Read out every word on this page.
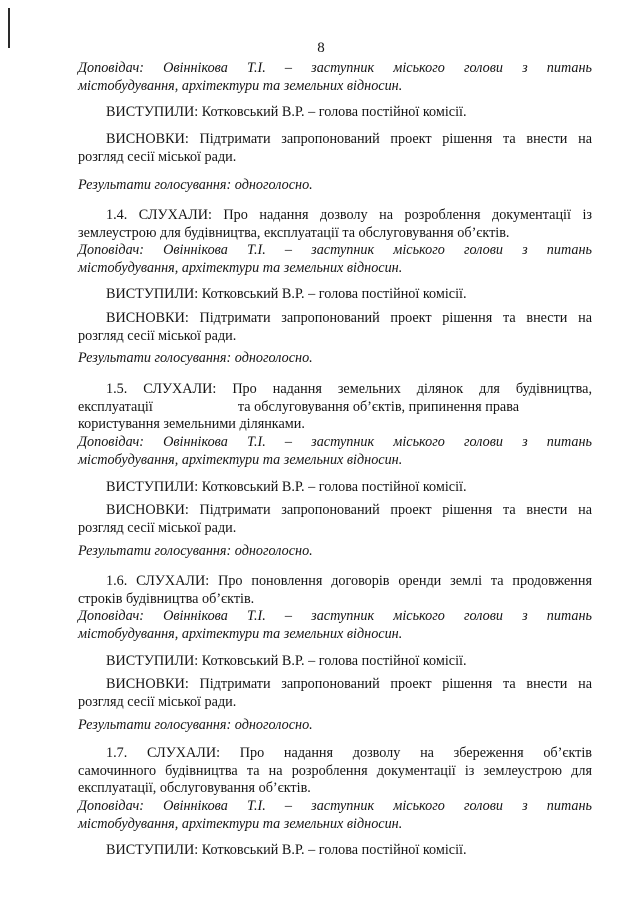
8
Доповідач: Овіннікова Т.І. – заступник міського голови з питань
містобудування, архітектури та земельних відносин.
ВИСТУПИЛИ: Котковський В.Р. – голова постійної комісії.
ВИСНОВКИ: Підтримати запропонований проект рішення та внести на
розгляд сесії міської ради.
Результати голосування: одноголосно.
1.4. СЛУХАЛИ: Про надання дозволу на розроблення документації із
землеустрою для будівництва, експлуатації та обслуговування об’єктів.
Доповідач: Овіннікова Т.І. – заступник міського голови з питань
містобудування, архітектури та земельних відносин.
ВИСТУПИЛИ: Котковський В.Р. – голова постійної комісії.
ВИСНОВКИ: Підтримати запропонований проект рішення та внести на
розгляд сесії міської ради.
Результати голосування: одноголосно.
1.5. СЛУХАЛИ: Про надання земельних ділянок для будівництва,
експлуатації                        та обслуговування об’єктів, припинення права
користування земельними ділянками.
Доповідач: Овіннікова Т.І. – заступник міського голови з питань
містобудування, архітектури та земельних відносин.
ВИСТУПИЛИ: Котковський В.Р. – голова постійної комісії.
ВИСНОВКИ: Підтримати запропонований проект рішення та внести на
розгляд сесії міської ради.
Результати голосування: одноголосно.
1.6. СЛУХАЛИ: Про поновлення договорів оренди землі та продовження
строків будівництва об’єктів.
Доповідач: Овіннікова Т.І. – заступник міського голови з питань
містобудування, архітектури та земельних відносин.
ВИСТУПИЛИ: Котковський В.Р. – голова постійної комісії.
ВИСНОВКИ: Підтримати запропонований проект рішення та внести на
розгляд сесії міської ради.
Результати голосування: одноголосно.
1.7. СЛУХАЛИ: Про надання дозволу на збереження об’єктів
самочинного будівництва та на розроблення документації із землеустрою для
експлуатації, обслуговування об’єктів.
Доповідач: Овіннікова Т.І. – заступник міського голови з питань
містобудування, архітектури та земельних відносин.
ВИСТУПИЛИ: Котковський В.Р. – голова постійної комісії.
